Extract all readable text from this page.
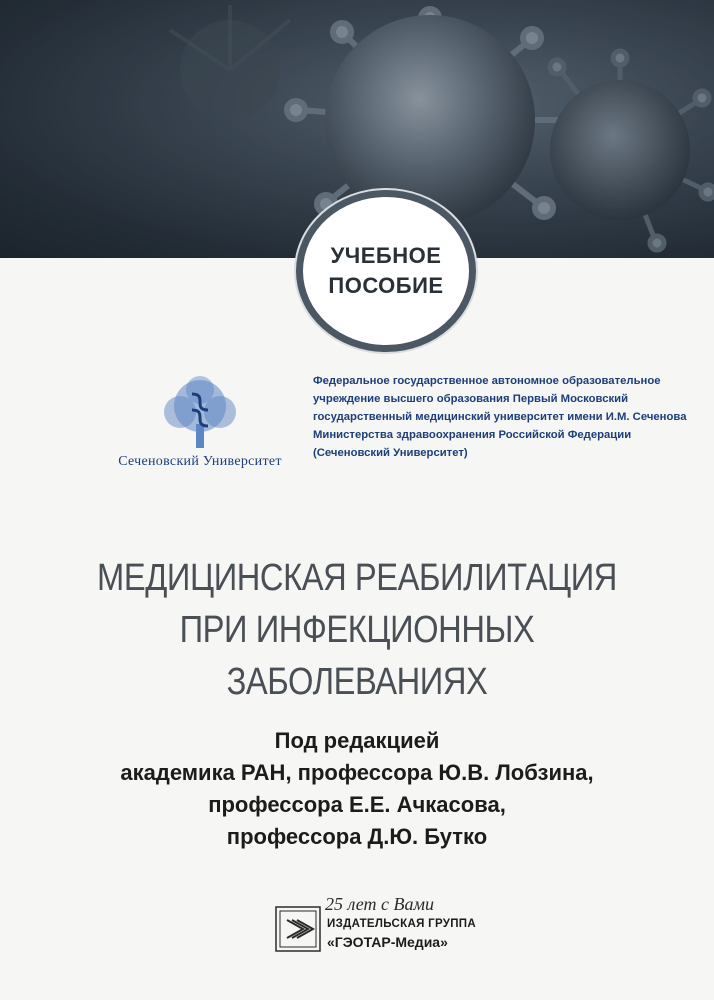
УЧЕБНОЕ
ПОСОБИЕ
Сеченовский Университет
Федеральное государственное автономное образовательное
учреждение высшего образования Первый Московский
государственный медицинский университет имени И.М. Сеченова
Министерства здравоохранения Российской Федерации
(Сеченовский Университет)
МЕДИЦИНСКАЯ РЕАБИЛИТАЦИЯ
ПРИ ИНФЕКЦИОННЫХ ЗАБОЛЕВАНИЯХ
Под редакцией
академика РАН, профессора Ю.В. Лобзина,
профессора Е.Е. Ачкасова,
профессора Д.Ю. Бутко
25 лет с Вами
ИЗДАТЕЛЬСКАЯ ГРУППА
«ГЭОТАР-Медиа»
